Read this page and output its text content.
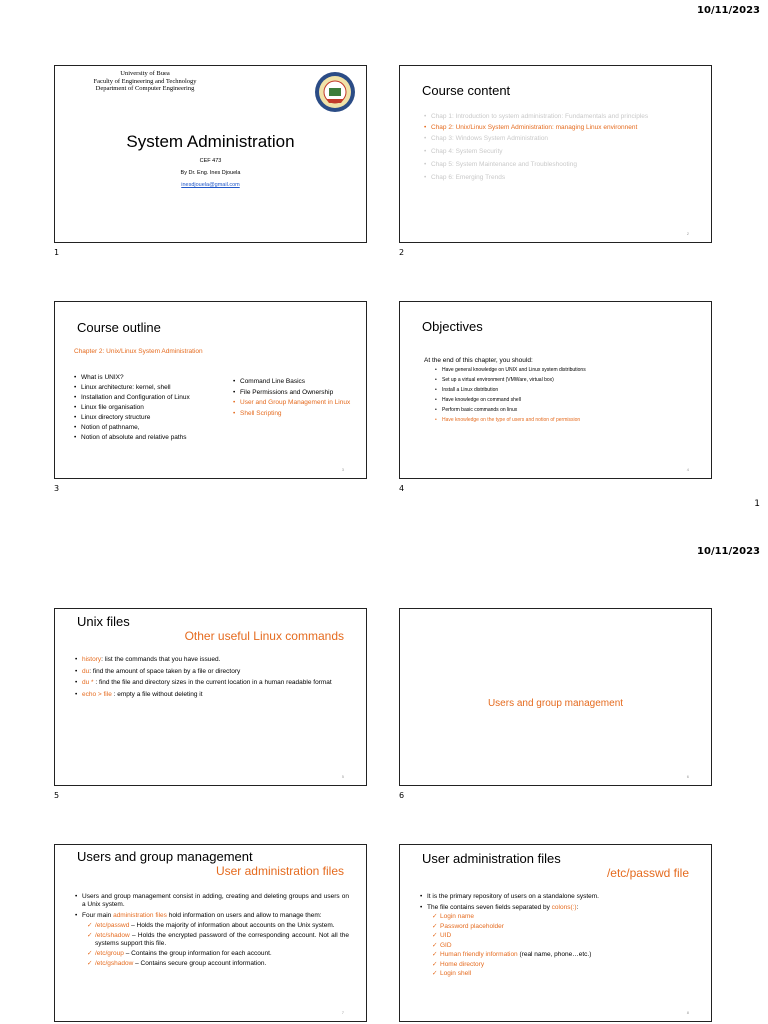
10/11/2023
University of Buea
Faculty of Engineering and Technology
Department of Computer Engineering
System Administration
CEF 473
By Dr. Eng. Ines Djouela
inesdjouela@gmail.com
1
Course content
• Chap 1: Introduction to system administration: Fundamentals and principles
• Chap 2: Unix/Linux System Administration: managing Linux environnent
• Chap 3: Windows System Administration
• Chap 4: System Security
• Chap 5: System Maintenance and Troubleshooting
• Chap 6: Emerging Trends
2
2
Course outline
Chapter 2: Unix/Linux System Administration
• What is UNIX?
• Linux architecture: kernel, shell
• Installation and Configuration of Linux
• Linux file organisation
• Linux directory structure
• Notion of pathname,
• Notion of absolute and relative paths
• Command Line Basics
• File Permissions and Ownership
• User and Group Management in Linux
• Shell Scripting
3
3
Objectives
At the end of this chapter, you should:
• Have general knowledge on UNIX and Linux system distributions
• Set up a virtual environment (VMWare, virtual box)
• Install a Linux distribution
• Have knowledge on command shell
• Perform basic commands on linux
• Have knowledge on the type of users and notion of permission
4
4
1
10/11/2023
Unix files
Other useful Linux commands
• history: list the commands that you have issued.
• du: find the amount of space taken by a file or directory
• du * : find the file and directory sizes in the current location in a human readable format
• echo > file : empty a file without deleting it
5
5
Users and group management
6
6
Users and group management
User administration files
• Users and group management consist in adding, creating and deleting groups and users on a Unix system.
• Four main administration files hold information on users and allow to manage them:
✓ /etc/passwd – Holds the majority of information about accounts on the Unix system.
✓ /etc/shadow – Holds the encrypted password of the corresponding account. Not all the systems support this file.
✓ /etc/group – Contains the group information for each account.
✓ /etc/gshadow – Contains secure group account information.
7
User administration files
/etc/passwd file
• It is the primary repository of users on a standalone system.
• The file contains seven fields separated by colons(:):
✓ Login name
✓ Password placeholder
✓ UID
✓ GID
✓ Human friendly information (real name, phone…etc.)
✓ Home directory
✓ Login shell
8
